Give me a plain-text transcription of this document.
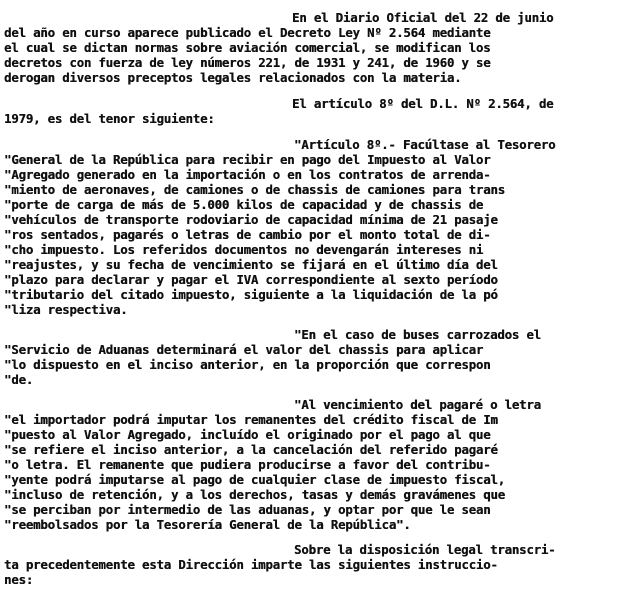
En el Diario Oficial del 22 de junio
del año en curso aparece publicado el Decreto Ley Nº 2.564 mediante
el cual se dictan normas sobre aviación comercial, se modifican los
decretos con fuerza de ley números 221, de 1931 y 241, de 1960 y se
derogan diversos preceptos legales relacionados con la materia.
El artículo 8º del D.L. Nº 2.564, de
1979, es del tenor siguiente:
"Artículo 8º.- Facúltase al Tesorero
"General de la República para recibir en pago del Impuesto al Valor
"Agregado generado en la importación o en los contratos de arrenda-
"miento de aeronaves, de camiones o de chassis de camiones para trans
"porte de carga de más de 5.000 kilos de capacidad y de chassis de
"vehículos de transporte rodoviario de capacidad mínima de 21 pasaje
"ros sentados, pagarés o letras de cambio por el monto total de di-
"cho impuesto. Los referidos documentos no devengarán intereses ni
"reajustes, y su fecha de vencimiento se fijará en el último día del
"plazo para declarar y pagar el IVA correspondiente al sexto período
"tributario del citado impuesto, siguiente a la liquidación de la pó
"liza respectiva.
"En el caso de buses carrozados el
"Servicio de Aduanas determinará el valor del chassis para aplicar
"lo dispuesto en el inciso anterior, en la proporción que correspon
"de.
"Al vencimiento del pagaré o letra
"el importador podrá imputar los remanentes del crédito fiscal de Im
"puesto al Valor Agregado, incluído el originado por el pago al que
"se refiere el inciso anterior, a la cancelación del referido pagaré
"o letra. El remanente que pudiera producirse a favor del contribu-
"yente podrá imputarse al pago de cualquier clase de impuesto fiscal,
"incluso de retención, y a los derechos, tasas y demás gravámenes que
"se perciban por intermedio de las aduanas, y optar por que le sean
"reembolsados por la Tesorería General de la República".
Sobre la disposición legal transcri-
ta precedentemente esta Dirección imparte las siguientes instruccio-
nes:
